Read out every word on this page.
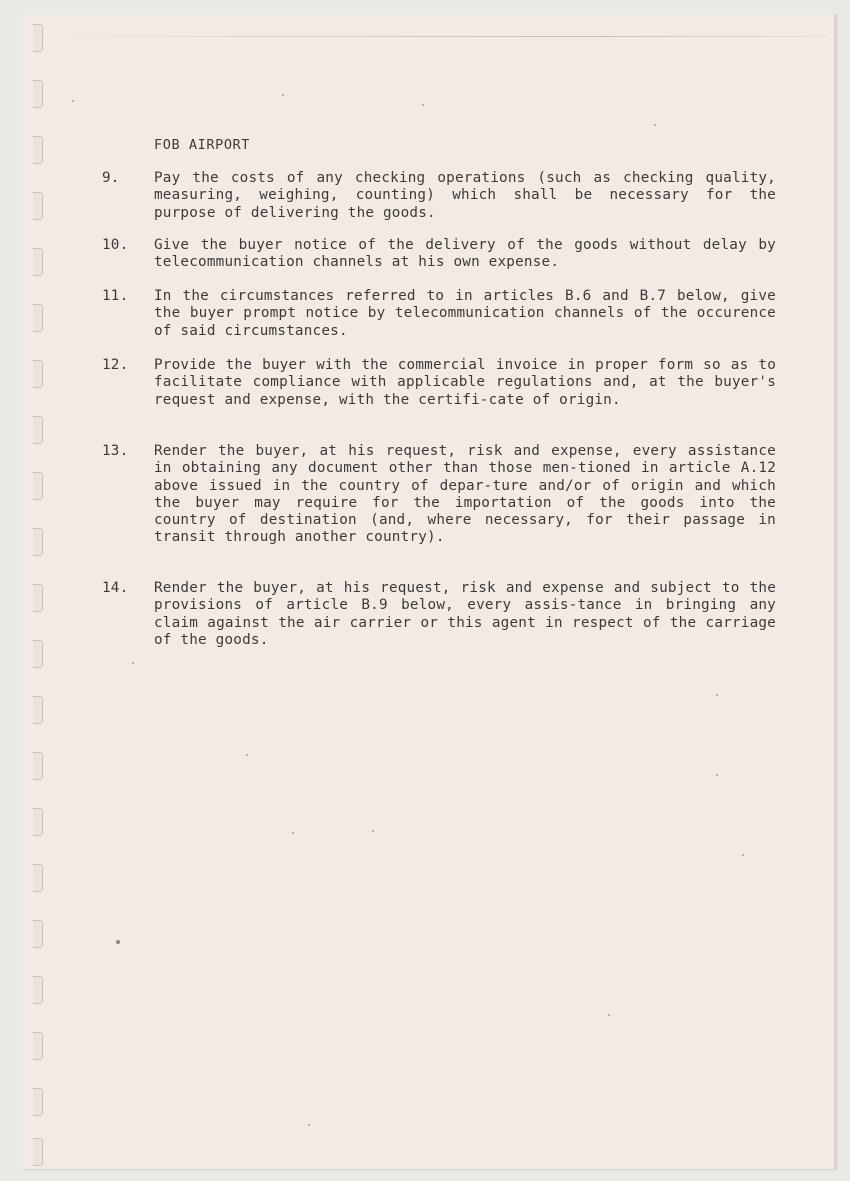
FOB AIRPORT
9.	Pay the costs of any checking operations (such as checking quality, measuring, weighing, counting) which shall be necessary for the purpose of delivering the goods.
10.	Give the buyer notice of the delivery of the goods without delay by telecommunication channels at his own expense.
11.	In the circumstances referred to in articles B.6 and B.7 below, give the buyer prompt notice by telecommunication channels of the occurence of said circumstances.
12.	Provide the buyer with the commercial invoice in proper form so as to facilitate compliance with applicable regulations and, at the buyer's request and expense, with the certifi-cate of origin.
13.	Render the buyer, at his request, risk and expense, every assistance in obtaining any document other than those men-tioned in article A.12 above issued in the country of depar-ture and/or of origin and which the buyer may require for the importation of the goods into the country of destination (and, where necessary, for their passage in transit through another country).
14.	Render the buyer, at his request, risk and expense and subject to the provisions of article B.9 below, every assis-tance in bringing any claim against the air carrier or this agent in respect of the carriage of the goods.
